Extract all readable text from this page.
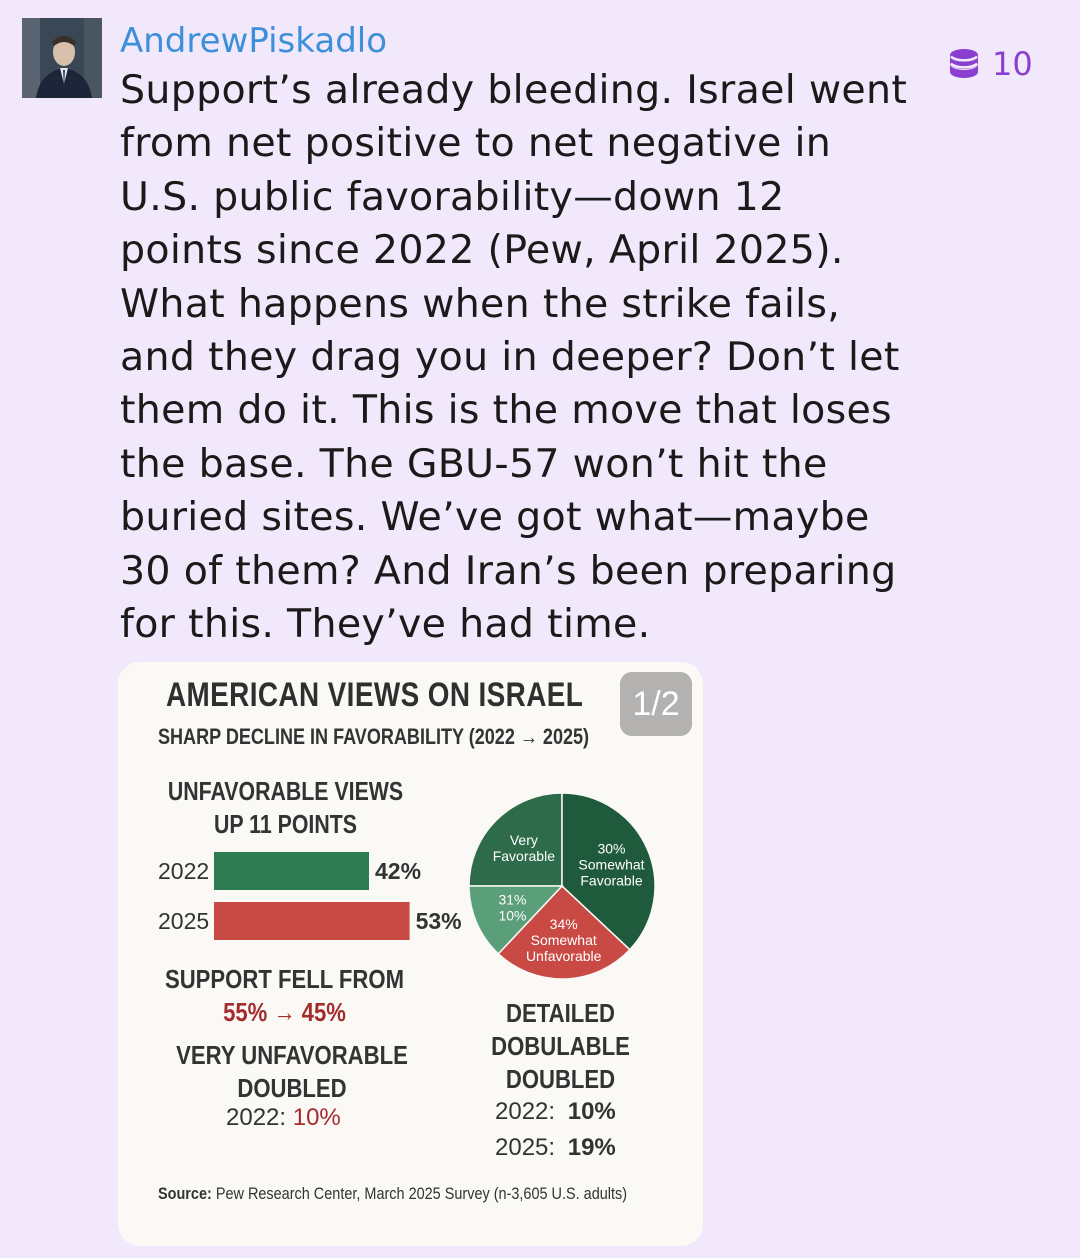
AndrewPiskadlo
10
Support’s already bleeding. Israel went from net positive to net negative in U.S. public favorability—down 12 points since 2022 (Pew, April 2025). What happens when the strike fails, and they drag you in deeper? Don’t let them do it. This is the move that loses the base. The GBU-57 won’t hit the buried sites. We’ve got what—maybe 30 of them? And Iran’s been preparing for this. They’ve had time.
AMERICAN VIEWS ON ISRAEL
SHARP DECLINE IN FAVORABILITY (2022 → 2025)
UNFAVORABLE VIEWS
UP 11 POINTS
2022	42%
2025	53%
Very
Favorable	30%
Somewhat
Favorable
34%
Somewhat
Unfavorable
31%
10%
SUPPORT FELL FROM
55% → 45%
VERY UNFAVORABLE
DOUBLED
2022: 10%
DETAILED
DOBULABLE
DOUBLED
2022: 10%
2025: 19%
Source: Pew Research Center, March 2025 Survey (n-3,605 U.S. adults)
1/2
